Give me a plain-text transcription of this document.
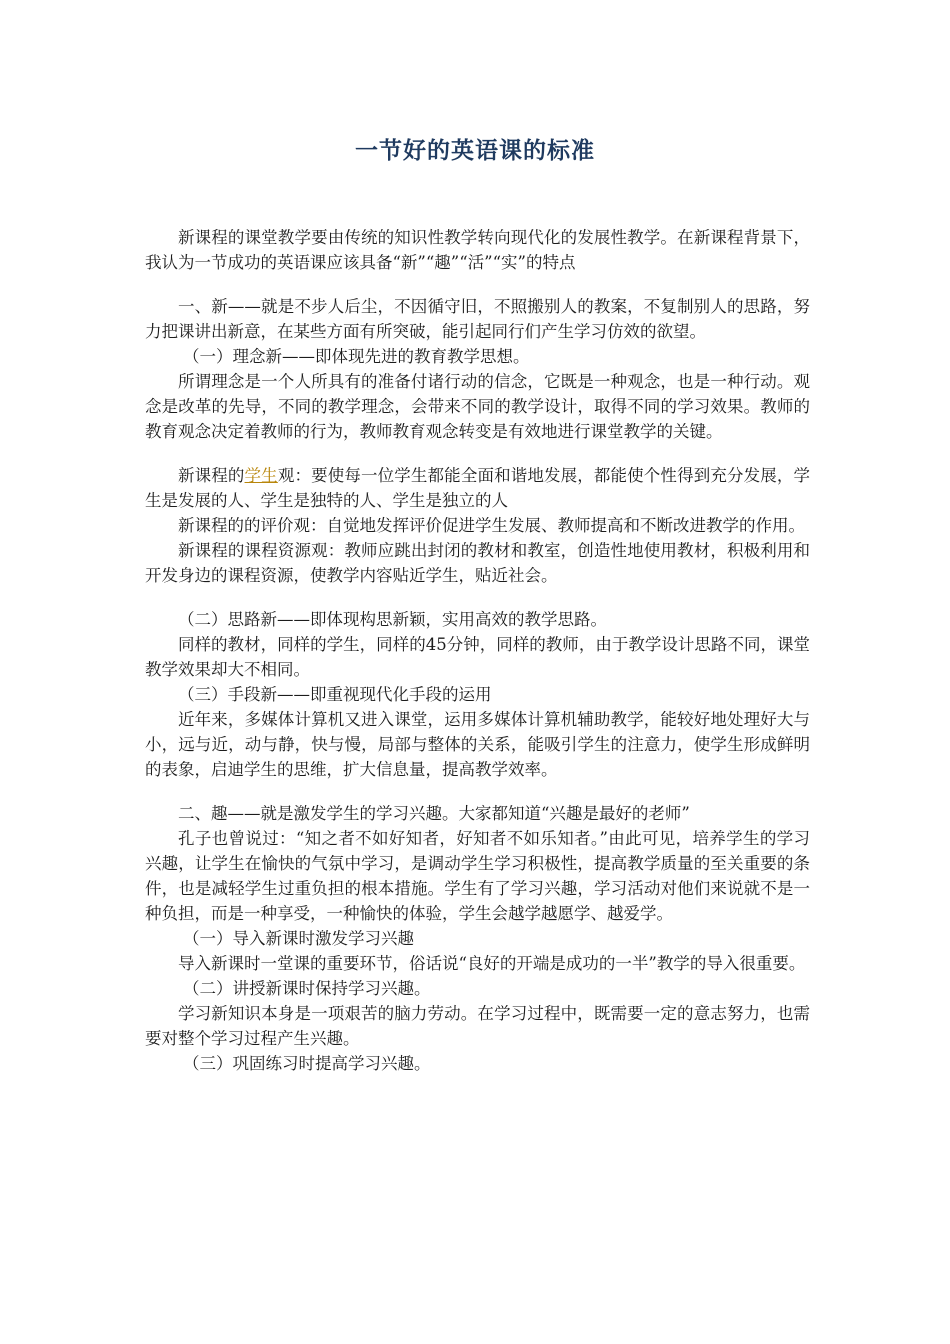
一节好的英语课的标准

新课程的课堂教学要由传统的知识性教学转向现代化的发展性教学。在新课程背景下，我认为一节成功的英语课应该具备“新”“趣”“活”“实”的特点

一、新——就是不步人后尘，不因循守旧，不照搬别人的教案，不复制别人的思路，努力把课讲出新意，在某些方面有所突破，能引起同行们产生学习仿效的欲望。

（一）理念新——即体现先进的教育教学思想。

所谓理念是一个人所具有的准备付诸行动的信念，它既是一种观念，也是一种行动。观念是改革的先导，不同的教学理念，会带来不同的教学设计，取得不同的学习效果。教师的教育观念决定着教师的行为，教师教育观念转变是有效地进行课堂教学的关键。

新课程的学生观：要使每一位学生都能全面和谐地发展，都能使个性得到充分发展，学生是发展的人、学生是独特的人、学生是独立的人

新课程的的评价观：自觉地发挥评价促进学生发展、教师提高和不断改进教学的作用。

新课程的课程资源观：教师应跳出封闭的教材和教室，创造性地使用教材，积极利用和开发身边的课程资源，使教学内容贴近学生，贴近社会。

（二）思路新——即体现构思新颖，实用高效的教学思路。

同样的教材，同样的学生，同样的45分钟，同样的教师，由于教学设计思路不同，课堂教学效果却大不相同。

（三）手段新——即重视现代化手段的运用

近年来，多媒体计算机又进入课堂，运用多媒体计算机辅助教学，能较好地处理好大与小，远与近，动与静，快与慢，局部与整体的关系，能吸引学生的注意力，使学生形成鲜明的表象，启迪学生的思维，扩大信息量，提高教学效率。

二、趣——就是激发学生的学习兴趣。大家都知道“兴趣是最好的老师”

孔子也曾说过：“知之者不如好知者，好知者不如乐知者。”由此可见，培养学生的学习兴趣，让学生在愉快的气氛中学习，是调动学生学习积极性，提高教学质量的至关重要的条件，也是减轻学生过重负担的根本措施。学生有了学习兴趣，学习活动对他们来说就不是一种负担，而是一种享受，一种愉快的体验，学生会越学越愿学、越爱学。

（一）导入新课时激发学习兴趣

导入新课时一堂课的重要环节，俗话说“良好的开端是成功的一半”教学的导入很重要。

（二）讲授新课时保持学习兴趣。

学习新知识本身是一项艰苦的脑力劳动。在学习过程中，既需要一定的意志努力，也需要对整个学习过程产生兴趣。

（三）巩固练习时提高学习兴趣。
